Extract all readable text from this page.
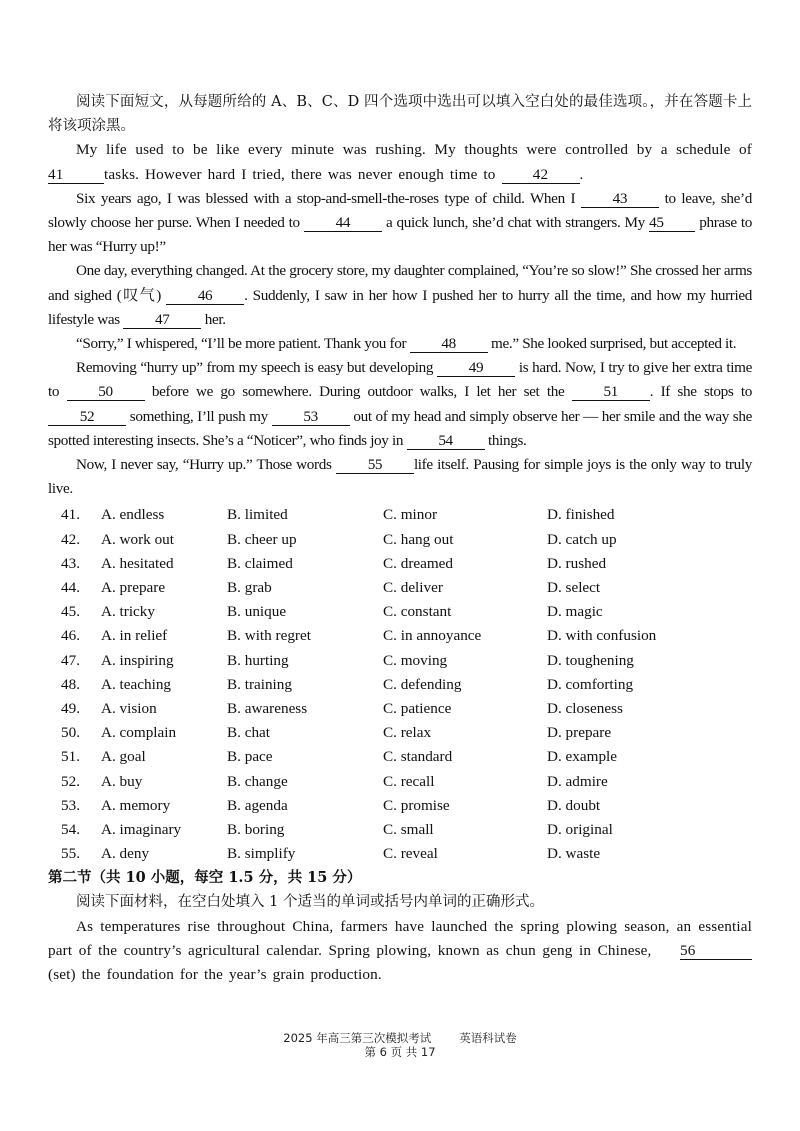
阅读下面短文，从每题所给的 A、B、C、D 四个选项中选出可以填入空白处的最佳选项。，并在答题卡上将该项涂黑。

My life used to be like every minute was rushing. My thoughts were controlled by a schedule of 41	tasks. However hard I tried, there was never enough time to 42 .

Six years ago, I was blessed with a stop-and-smell-the-roses type of child. When I 43 to leave, she’d slowly choose her purse. When I needed to 44 a quick lunch, she’d chat with strangers. My 45 phrase to her was “Hurry up!”

One day, everything changed. At the grocery store, my daughter complained, “You’re so slow!” She crossed her arms and sighed (叹气) 46 . Suddenly, I saw in her how I pushed her to hurry all the time, and how my hurried lifestyle was 47 her.

“Sorry,” I whispered, “I’ll be more patient. Thank you for 48 me.” She looked surprised, but accepted it.

Removing “hurry up” from my speech is easy but developing 49 is hard. Now, I try to give her extra time to 50 before we go somewhere. During outdoor walks, I let her set the 51 . If she stops to 52 something, I’ll push my 53 out of my head and simply observe her — her smile and the way she spotted interesting insects. She’s a “Noticer”, who finds joy in 54 things.

Now, I never say, “Hurry up.” Those words 55 life itself. Pausing for simple joys is the only way to truly live.

41.	A. endless	B. limited	C. minor	D. finished
42.	A. work out	B. cheer up	C. hang out	D. catch up
43.	A. hesitated	B. claimed	C. dreamed	D. rushed
44.	A. prepare	B. grab	C. deliver	D. select
45.	A. tricky	B. unique	C. constant	D. magic
46.	A. in relief	B. with regret	C. in annoyance	D. with confusion
47.	A. inspiring	B. hurting	C. moving	D. toughening
48.	A. teaching	B. training	C. defending	D. comforting
49.	A. vision	B. awareness	C. patience	D. closeness
50.	A. complain	B. chat	C. relax	D. prepare
51.	A. goal	B. pace	C. standard	D. example
52.	A. buy	B. change	C. recall	D. admire
53.	A. memory	B. agenda	C. promise	D. doubt
54.	A. imaginary	B. boring	C. small	D. original
55.	A. deny	B. simplify	C. reveal	D. waste

第二节（共 10 小题，每空 1.5 分，共 15 分）

阅读下面材料，在空白处填入 1 个适当的单词或括号内单词的正确形式。

As temperatures rise throughout China, farmers have launched the spring plowing season, an essential part of the country’s agricultural calendar. Spring plowing, known as chun geng in Chinese, 56(set) the foundation for the year’s grain production.

2025 年高三第三次模拟考试 英语科试卷
第 6 页 共 17
